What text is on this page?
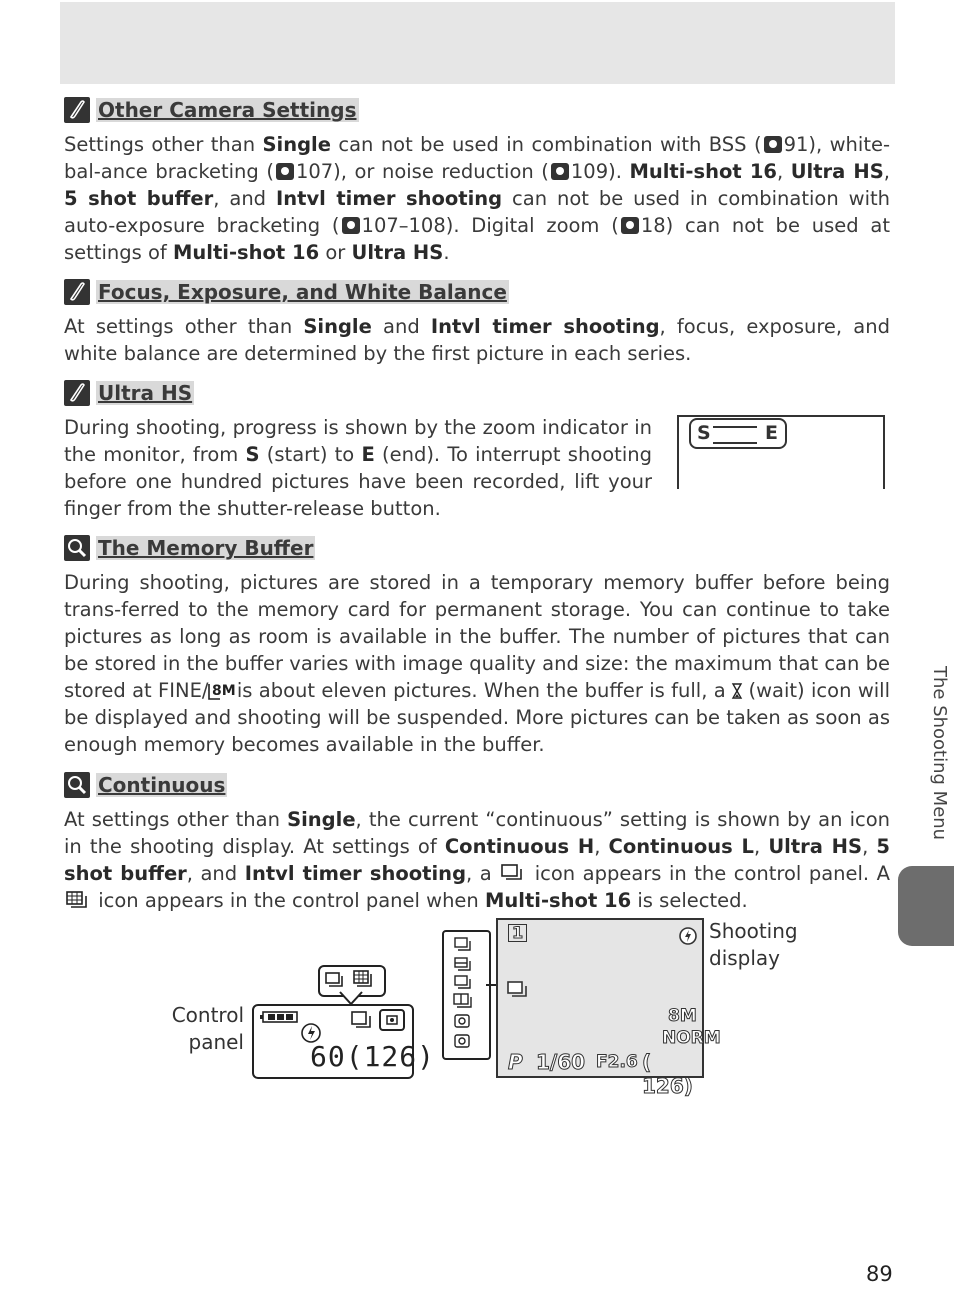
Other Camera Settings

Settings other than Single can not be used in combination with BSS ( 91), white-bal-ance bracketing ( 107), or noise reduction ( 109). Multi-shot 16, Ultra HS, 5 shot buffer, and Intvl timer shooting can not be used in combination with auto-exposure bracketing ( 107–108). Digital zoom ( 18) can not be used at settings of Multi-shot 16 or Ultra HS.

Focus, Exposure, and White Balance

At settings other than Single and Intvl timer shooting, focus, exposure, and white balance are determined by the first picture in each series.

Ultra HS

During shooting, progress is shown by the zoom indicator in the monitor, from S (start) to E (end). To interrupt shooting before one hundred pictures have been recorded, lift your finger from the shutter-release button.

S	E
The Memory Buffer

During shooting, pictures are stored in a temporary memory buffer before being trans-ferred to the memory card for permanent storage. You can continue to take pictures as long as room is available in the buffer. The number of pictures that can be stored in the buffer varies with image quality and size: the maximum that can be stored at FINE/ 8M
is about eleven pictures. When the buffer is full, a  (wait) icon will be displayed and shooting will be suspended. More pictures can be taken as soon as enough memory becomes available in the buffer.

Continuous

At settings other than Single, the current “continuous” setting is shown by an icon in the shooting display. At settings of Continuous H, Continuous L, Ultra HS, 5 shot buffer, and Intvl timer shooting, a  icon appears in the control panel. A  icon appears in the control panel when Multi-shot 16 is selected.

Control
panel 60(126)
1
8M
NORM
P 1/60 F2.6 ( 126)
Shooting
display
The Shooting Menu
89
